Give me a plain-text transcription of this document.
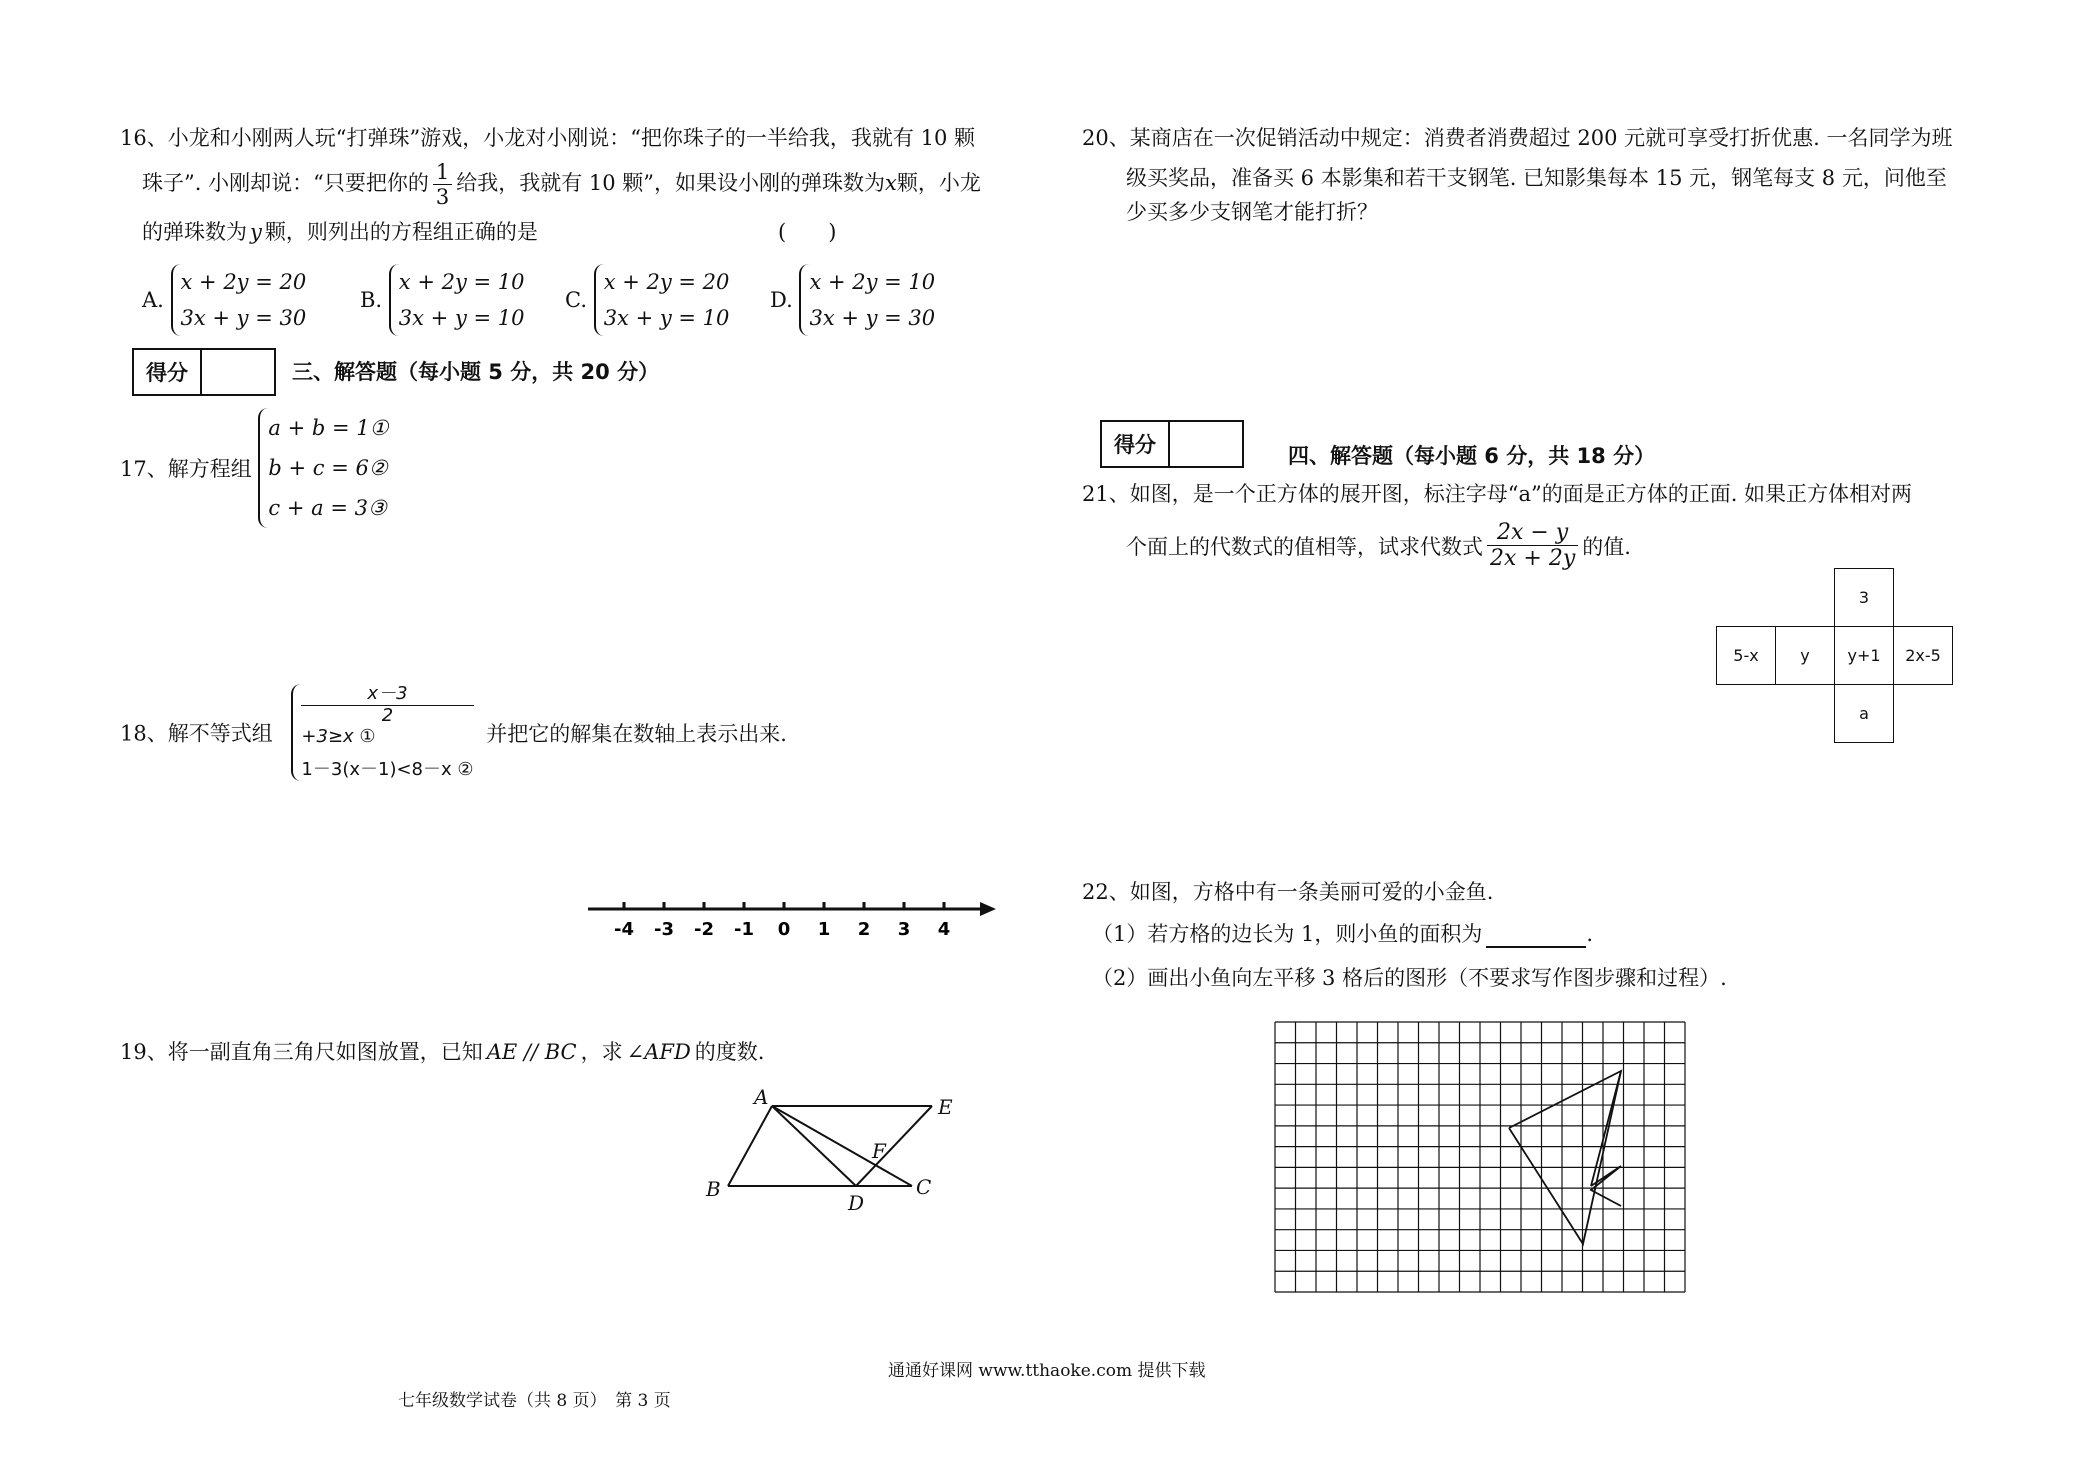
16、小龙和小刚两人玩“打弹珠”游戏，小龙对小刚说：“把你珠子的一半给我，我就有 10 颗
珠子”. 小刚却说：“只要把你的 $\frac{1}{3}$ 给我，我就有 10 颗”，如果设小刚的弹珠数为x颗，小龙
的弹珠数为 y 颗，则列出的方程组正确的是	(　　)
A.
x + 2y = 20
3x + y = 30
B.
x + 2y = 10
3x + y = 10
C.
x + 2y = 20
3x + y = 10
D.
x + 2y = 10
3x + y = 30
得分	三、解答题（每小题 5 分，共 20 分）
17、解方程组
a + b = 1①
b + c = 6②
c + a = 3③
18、解不等式组
x－3
2
+3≥x ①
1－3(x－1)<8－x ②
并把它的解集在数轴上表示出来.
-4 -3 -2 -1 0 1 2 3 4
19、将一副直角三角尺如图放置，已知 AE // BC ，求 ∠AFD 的度数.
A	E
B	C
D
F
通通好课网 www.tthaoke.com 提供下载
七年级数学试卷（共 8 页）　第 3 页
20、某商店在一次促销活动中规定：消费者消费超过 200 元就可享受打折优惠. 一名同学为班
级买奖品，准备买 6 本影集和若干支钢笔. 已知影集每本 15 元，钢笔每支 8 元，问他至
少买多少支钢笔才能打折？
得分	四、解答题（每小题 6 分，共 18 分）
21、如图，是一个正方体的展开图，标注字母“a”的面是正方体的正面. 如果正方体相对两
个面上的代数式的值相等，试求代数式 $\frac{2x - y}{2x + 2y}$ 的值.
		3	
5-x	y	y+1	2x-5
		a	
22、如图，方格中有一条美丽可爱的小金鱼.
（1）若方格的边长为 1，则小鱼的面积为	.
（2）画出小鱼向左平移 3 格后的图形（不要求写作图步骤和过程）.
